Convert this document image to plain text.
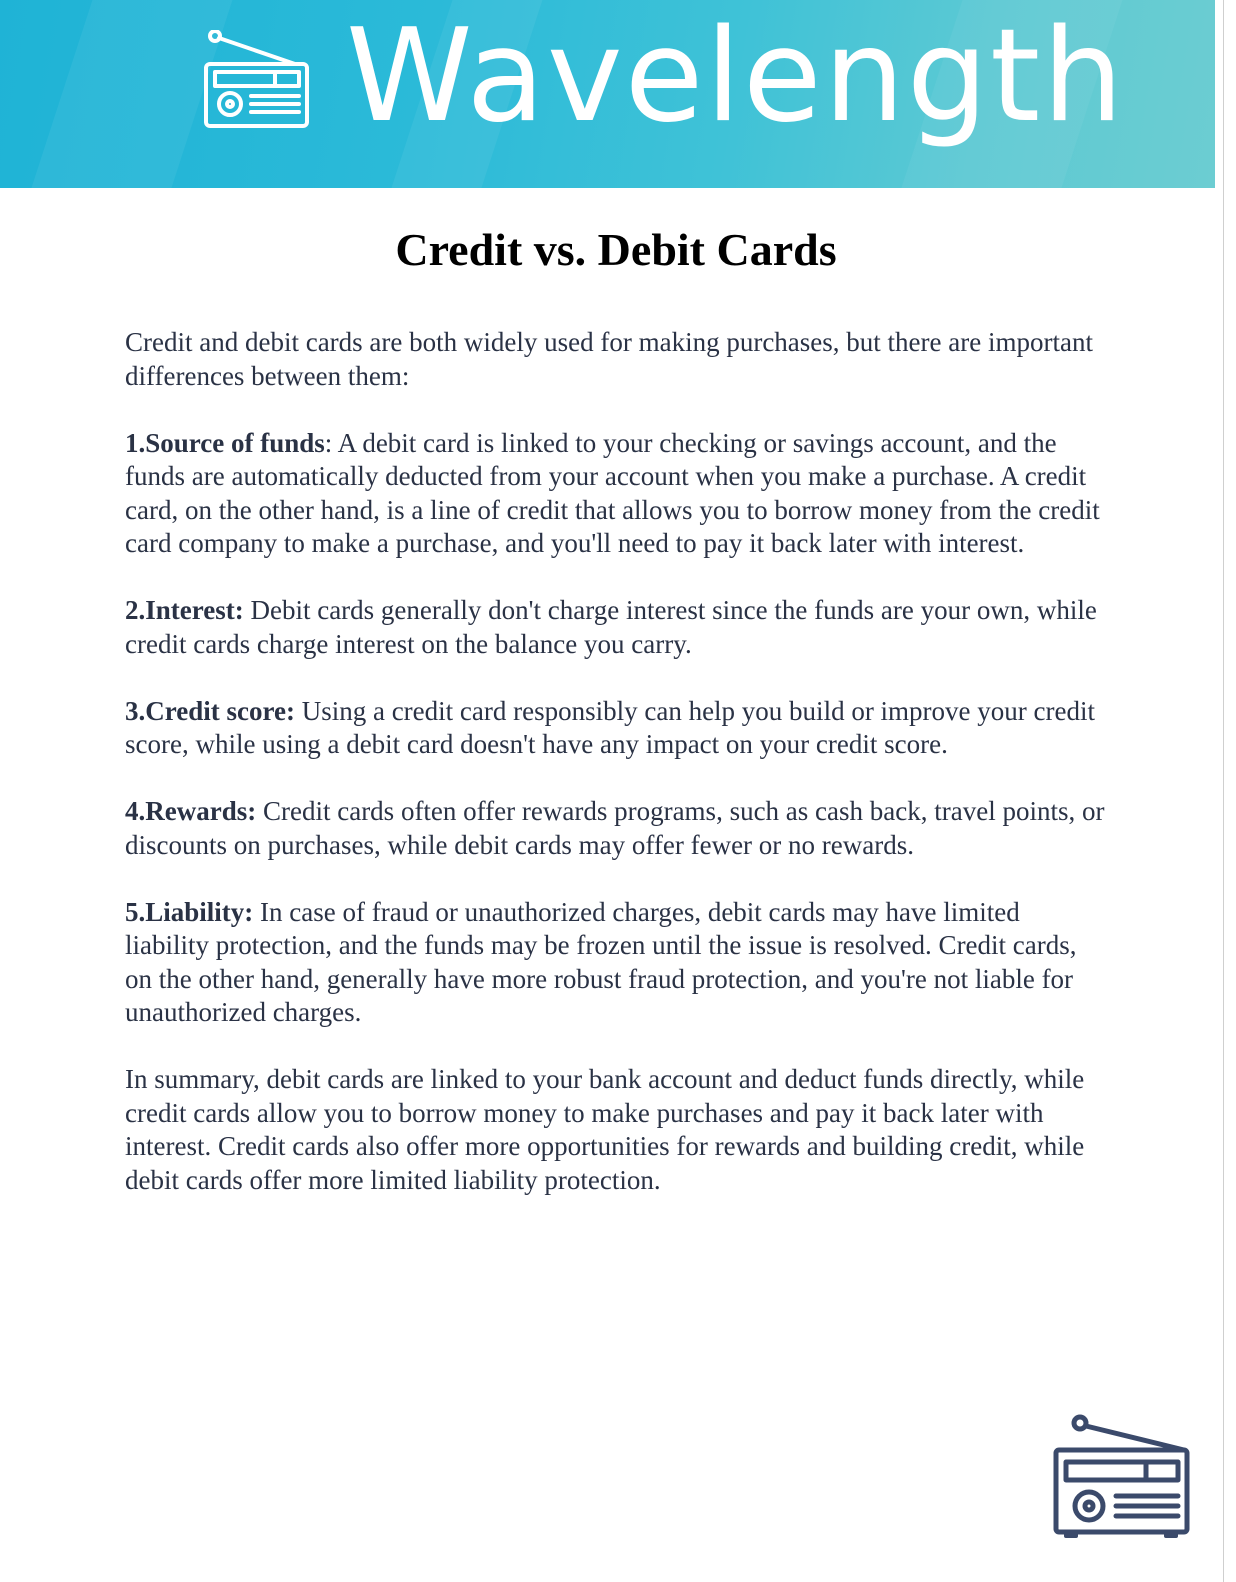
Wavelength
Credit vs. Debit Cards

Credit and debit cards are both widely used for making purchases, but there are important differences between them:

1.Source of funds: A debit card is linked to your checking or savings account, and the funds are automatically deducted from your account when you make a purchase. A credit card, on the other hand, is a line of credit that allows you to borrow money from the credit card company to make a purchase, and you'll need to pay it back later with interest.

2.Interest: Debit cards generally don't charge interest since the funds are your own, while credit cards charge interest on the balance you carry.

3.Credit score: Using a credit card responsibly can help you build or improve your credit score, while using a debit card doesn't have any impact on your credit score.

4.Rewards: Credit cards often offer rewards programs, such as cash back, travel points, or discounts on purchases, while debit cards may offer fewer or no rewards.

5.Liability: In case of fraud or unauthorized charges, debit cards may have limited liability protection, and the funds may be frozen until the issue is resolved. Credit cards, on the other hand, generally have more robust fraud protection, and you're not liable for unauthorized charges.

In summary, debit cards are linked to your bank account and deduct funds directly, while credit cards allow you to borrow money to make purchases and pay it back later with interest. Credit cards also offer more opportunities for rewards and building credit, while debit cards offer more limited liability protection.
